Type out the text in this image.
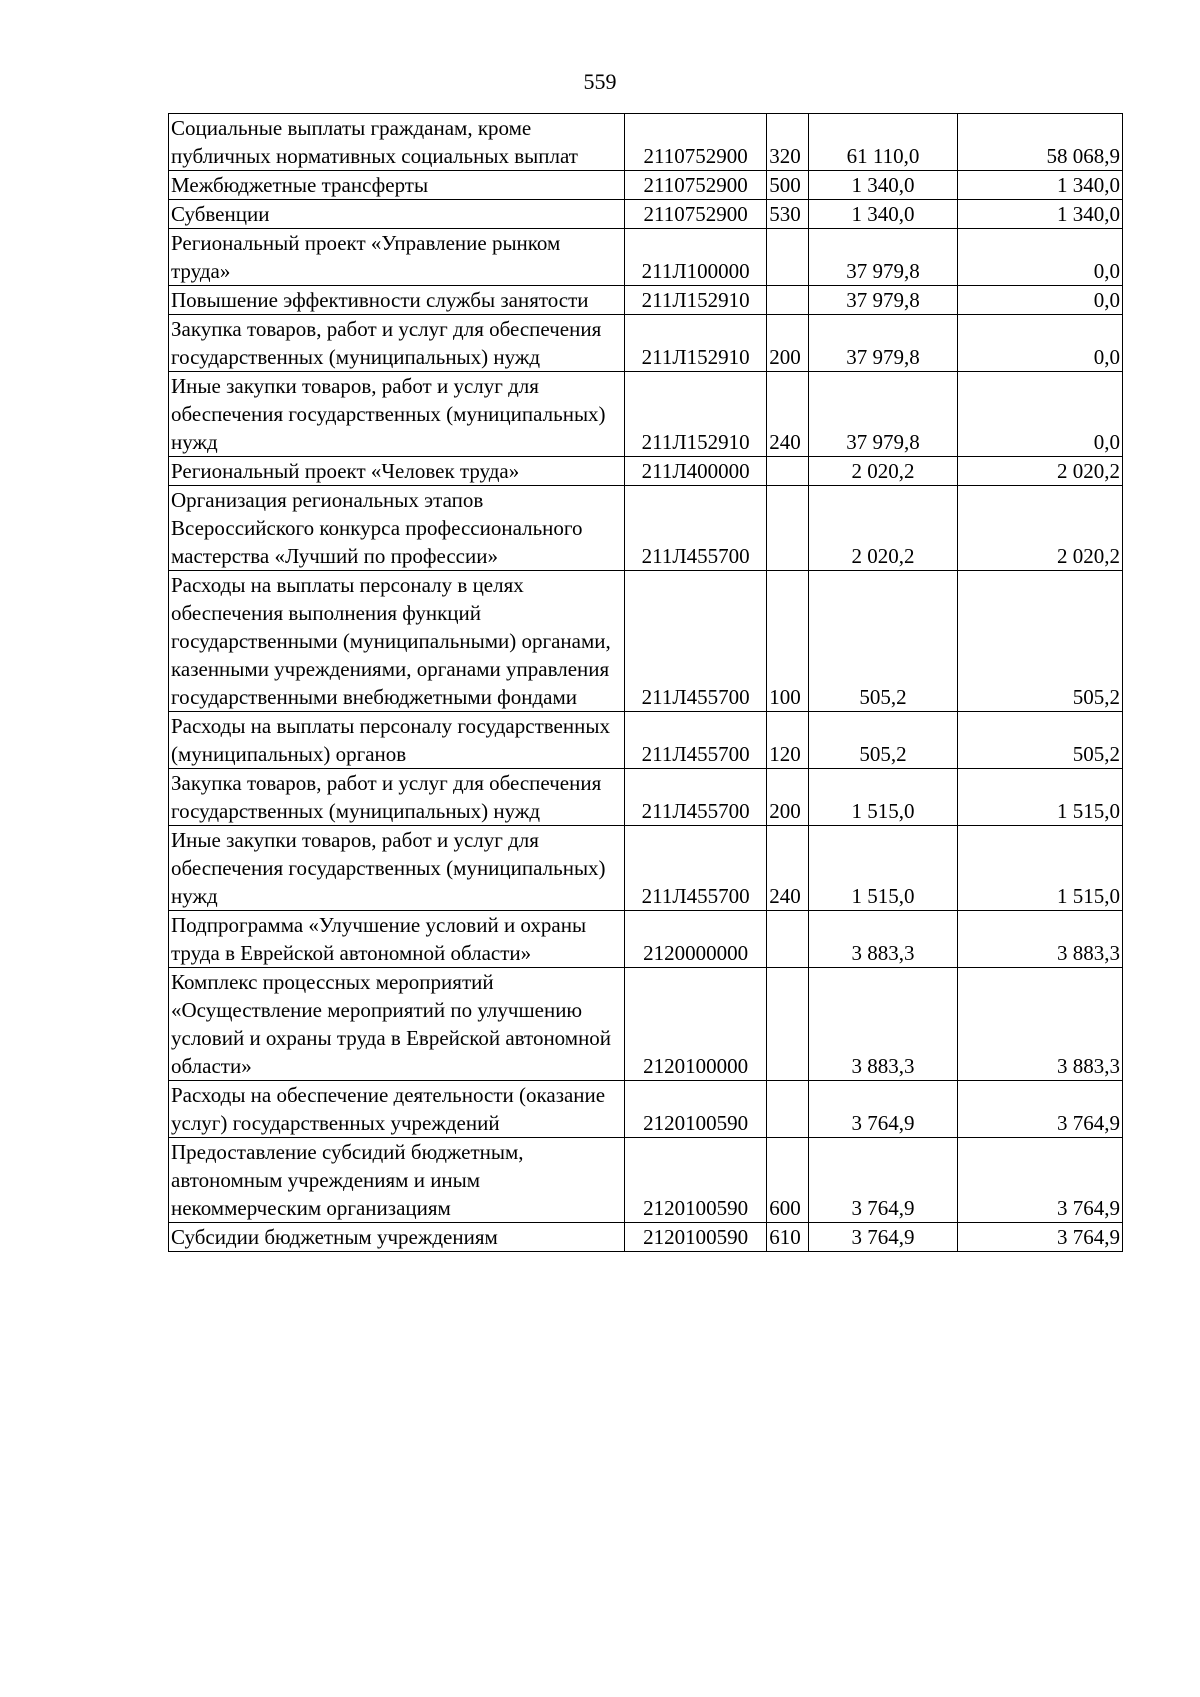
559
Социальные выплаты гражданам, кроме публичных нормативных социальных выплат	2110752900	320	61 110,0	58 068,9
Межбюджетные трансферты	2110752900	500	1 340,0	1 340,0
Субвенции	2110752900	530	1 340,0	1 340,0
Региональный проект «Управление рынком труда»	211Л100000		37 979,8	0,0
Повышение эффективности службы занятости	211Л152910		37 979,8	0,0
Закупка товаров, работ и услуг для обеспечения государственных (муниципальных) нужд	211Л152910	200	37 979,8	0,0
Иные закупки товаров, работ и услуг для обеспечения государственных (муниципальных) нужд	211Л152910	240	37 979,8	0,0
Региональный проект «Человек труда»	211Л400000		2 020,2	2 020,2
Организация региональных этапов Всероссийского конкурса профессионального мастерства «Лучший по профессии»	211Л455700		2 020,2	2 020,2
Расходы на выплаты персоналу в целях обеспечения выполнения функций государственными (муниципальными) органами, казенными учреждениями, органами управления государственными внебюджетными фондами	211Л455700	100	505,2	505,2
Расходы на выплаты персоналу государственных (муниципальных) органов	211Л455700	120	505,2	505,2
Закупка товаров, работ и услуг для обеспечения государственных (муниципальных) нужд	211Л455700	200	1 515,0	1 515,0
Иные закупки товаров, работ и услуг для обеспечения государственных (муниципальных) нужд	211Л455700	240	1 515,0	1 515,0
Подпрограмма «Улучшение условий и охраны труда в Еврейской автономной области»	2120000000		3 883,3	3 883,3
Комплекс процессных мероприятий «Осуществление мероприятий по улучшению условий и охраны труда в Еврейской автономной области»	2120100000		3 883,3	3 883,3
Расходы на обеспечение деятельности (оказание услуг) государственных учреждений	2120100590		3 764,9	3 764,9
Предоставление субсидий бюджетным, автономным учреждениям и иным некоммерческим организациям	2120100590	600	3 764,9	3 764,9
Субсидии бюджетным учреждениям	2120100590	610	3 764,9	3 764,9
